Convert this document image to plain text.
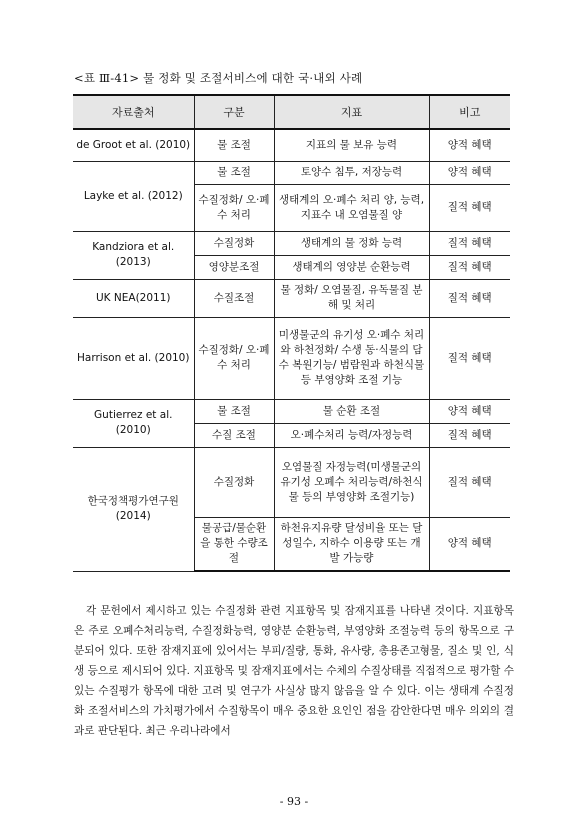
<표 Ⅲ-41> 물 정화 및 조절서비스에 대한 국·내외 사례
자료출처	구분	지표	비고
de Groot et al. (2010)	물 조절	지표의 물 보유 능력	양적 혜택
Layke et al. (2012)	물 조절	토양수 침투, 저장능력	양적 혜택
	수질정화/ 오·폐수 처리	생태계의 오·폐수 처리 양, 능력, 지표수 내 오염물질 양	질적 혜택
Kandziora et al. (2013)	수질정화	생태계의 물 정화 능력	질적 혜택
	영양분조절	생태계의 영양분 순환능력	질적 혜택
UK NEA(2011)	수질조절	물 정화/ 오염물질, 유독물질 분해 및 처리	질적 혜택
Harrison et al. (2010)	수질정화/ 오·폐수 처리	미생물군의 유기성 오·폐수 처리와 하천정화/ 수생 동·식물의 담수 복원기능/ 범람원과 하천식물 등 부영양화 조절 기능	질적 혜택
Gutierrez et al. (2010)	물 조절	물 순환 조절	양적 혜택
	수질 조절	오·폐수처리 능력/자정능력	질적 혜택
한국정책평가연구원 (2014)	수질정화	오염물질 자정능력(미생물군의 유기성 오폐수 처리능력/하천식물 등의 부영양화 조절기능)	질적 혜택
	물공급/물순환을 통한 수량조절	하천유지유량 달성비율 또는 달성일수, 지하수 이용량 또는 개발 가능량	양적 혜택

각 문헌에서 제시하고 있는 수질정화 관련 지표항목 및 잠재지표를 나타낸 것이다. 지표항목은 주로 오폐수처리능력, 수질정화능력, 영양분 순환능력, 부영양화 조절능력 등의 항목으로 구분되어 있다. 또한 잠재지표에 있어서는 부피/질량, 통화, 유사량, 총용존고형물, 질소 및 인, 식생 등으로 제시되어 있다. 지표항목 및 잠재지표에서는 수체의 수질상태를 직접적으로 평가할 수 있는 수질평가 항목에 대한 고려 및 연구가 사실상 많지 않음을 알 수 있다. 이는 생태계 수질정화 조절서비스의 가치평가에서 수질항목이 매우 중요한 요인인 점을 감안한다면 매우 의외의 결과로 판단된다. 최근 우리나라에서

- 93 -
